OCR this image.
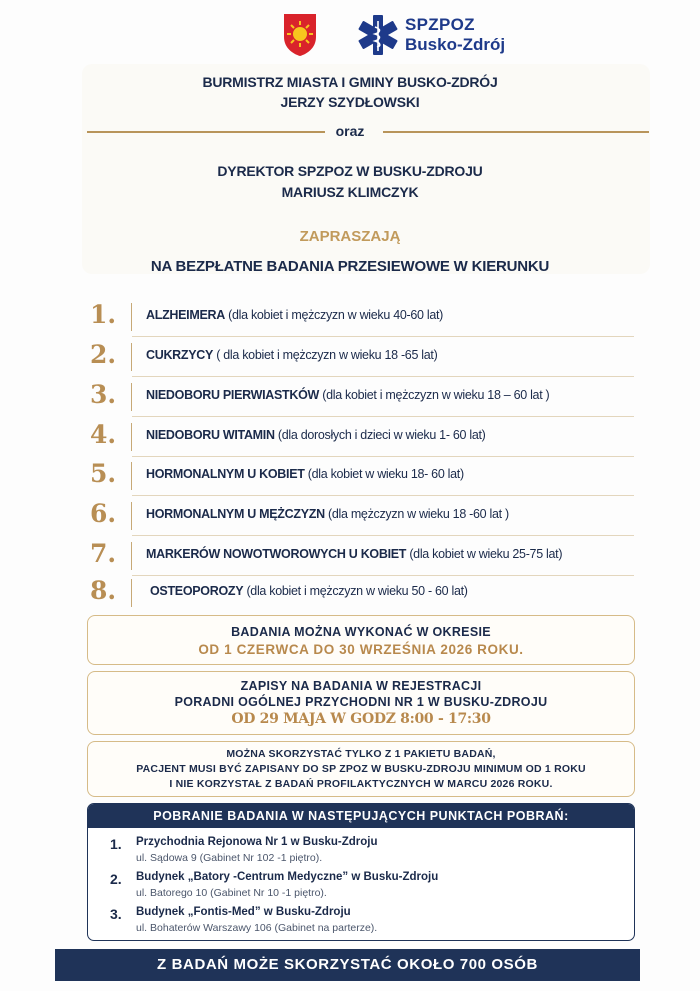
SPZPOZ
Busko-Zdrój
BURMISTRZ MIASTA I GMINY BUSKO-ZDRÓJ
JERZY SZYDŁOWSKI
oraz
DYREKTOR SPZPOZ W BUSKU-ZDROJU
MARIUSZ KLIMCZYK
ZAPRASZAJĄ
NA BEZPŁATNE BADANIA PRZESIEWOWE W KIERUNKU
1.	ALZHEIMERA (dla kobiet i mężczyzn w wieku 40-60 lat)
2.	CUKRZYCY ( dla kobiet i mężczyzn w wieku 18 -65 lat)
3.	NIEDOBORU PIERWIASTKÓW (dla kobiet i mężczyzn w wieku 18 – 60 lat )
4.	NIEDOBORU WITAMIN (dla dorosłych i dzieci w wieku 1- 60 lat)
5.	HORMONALNYM U KOBIET (dla kobiet w wieku 18- 60 lat)
6.	HORMONALNYM U MĘŻCZYZN (dla mężczyzn w wieku 18 -60 lat )
7.	MARKERÓW NOWOTWOROWYCH U KOBIET (dla kobiet w wieku 25-75 lat)
8.	OSTEOPOROZY (dla kobiet i mężczyzn w wieku 50 - 60 lat)
BADANIA MOŻNA WYKONAĆ W OKRESIE
OD 1 CZERWCA DO 30 WRZEŚNIA 2026 ROKU.
ZAPISY NA BADANIA W REJESTRACJI
PORADNI OGÓLNEJ PRZYCHODNI NR 1 W BUSKU-ZDROJU
OD 29 MAJA W GODZ 8:00 - 17:30
MOŻNA SKORZYSTAĆ TYLKO Z 1 PAKIETU BADAŃ,
PACJENT MUSI BYĆ ZAPISANY DO SP ZPOZ W BUSKU-ZDROJU MINIMUM OD 1 ROKU
I NIE KORZYSTAŁ Z BADAŃ PROFILAKTYCZNYCH W MARCU 2026 ROKU.
POBRANIE BADANIA W NASTĘPUJĄCYCH PUNKTACH POBRAŃ:
1. Przychodnia Rejonowa Nr 1 w Busku-Zdroju
ul. Sądowa 9 (Gabinet Nr 102 -1 piętro).
2. Budynek „Batory -Centrum Medyczne” w Busku-Zdroju
ul. Batorego 10 (Gabinet Nr 10 -1 piętro).
3. Budynek „Fontis-Med” w Busku-Zdroju
ul. Bohaterów Warszawy 106 (Gabinet na parterze).
Z BADAŃ MOŻE SKORZYSTAĆ OKOŁO 700 OSÓB
